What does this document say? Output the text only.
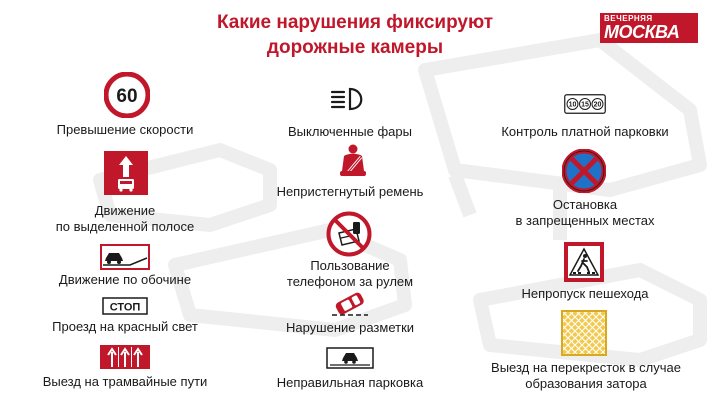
Какие нарушения фиксируют
дорожные камеры
ВЕЧЕРНЯЯ
МОСКВА
60
Превышение скорости
Движение
по выделенной полосе
Движение по обочине
СТОП
Проезд на красный свет
Выезд на трамвайные пути
Выключенные фары
Непристегнутый ремень
Пользование
телефоном за рулем
Нарушение разметки
Неправильная парковка
10 15 20
Контроль платной парковки
Остановка
в запрещенных местах
Непропуск пешехода
Выезд на перекресток в случае
образования затора
